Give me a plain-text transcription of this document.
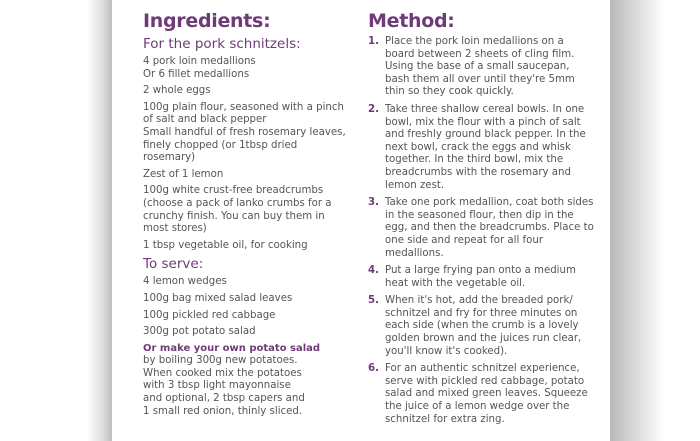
Ingredients:
For the pork schnitzels:
4 pork loin medallions
Or 6 fillet medallions
2 whole eggs
100g plain flour, seasoned with a pinch of salt and black pepper
Small handful of fresh rosemary leaves, finely chopped (or 1tbsp dried rosemary)
Zest of 1 lemon
100g white crust-free breadcrumbs (choose a pack of lanko crumbs for a crunchy finish. You can buy them in most stores)
1 tbsp vegetable oil, for cooking
To serve:
4 lemon wedges
100g bag mixed salad leaves
100g pickled red cabbage
300g pot potato salad
Or make your own potato salad
by boiling 300g new potatoes.
When cooked mix the potatoes
with 3 tbsp light mayonnaise
and optional, 2 tbsp capers and
1 small red onion, thinly sliced.
Method:
1. Place the pork loin medallions on a board between 2 sheets of cling film. Using the base of a small saucepan, bash them all over until they're 5mm thin so they cook quickly.
2. Take three shallow cereal bowls. In one bowl, mix the flour with a pinch of salt and freshly ground black pepper. In the next bowl, crack the eggs and whisk together. In the third bowl, mix the breadcrumbs with the rosemary and lemon zest.
3. Take one pork medallion, coat both sides in the seasoned flour, then dip in the egg, and then the breadcrumbs. Place to one side and repeat for all four medallions.
4. Put a large frying pan onto a medium heat with the vegetable oil.
5. When it's hot, add the breaded pork/ schnitzel and fry for three minutes on each side (when the crumb is a lovely golden brown and the juices run clear, you'll know it's cooked).
6. For an authentic schnitzel experience, serve with pickled red cabbage, potato salad and mixed green leaves. Squeeze the juice of a lemon wedge over the schnitzel for extra zing.
